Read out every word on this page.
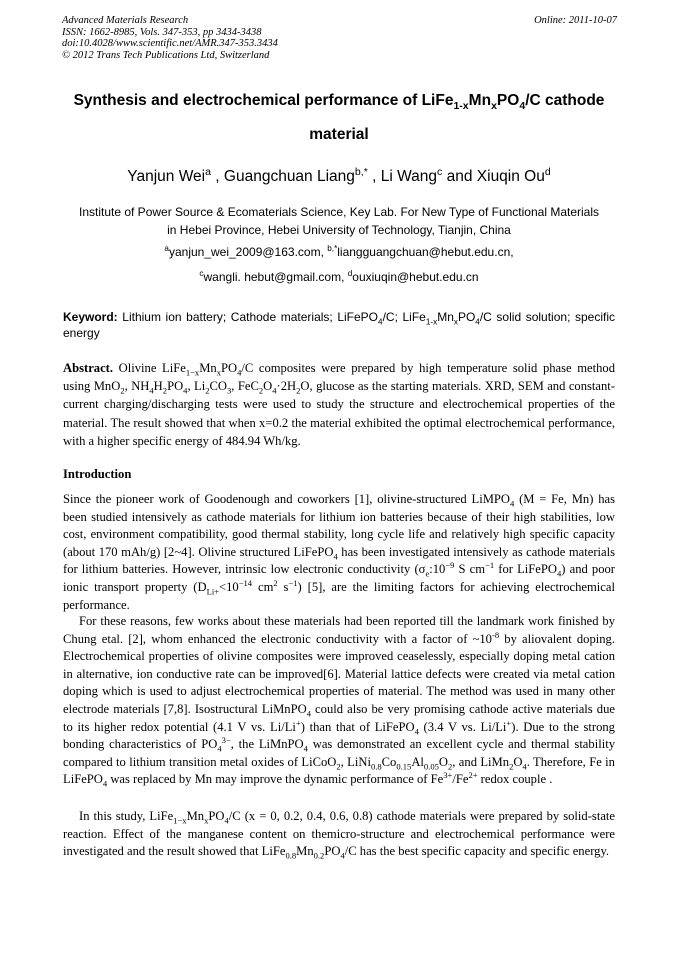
Advanced Materials Research	Online: 2011-10-07
ISSN: 1662-8985, Vols. 347-353, pp 3434-3438
doi:10.4028/www.scientific.net/AMR.347-353.3434
© 2012 Trans Tech Publications Ltd, Switzerland
Synthesis and electrochemical performance of $LiFe_{1-x}Mn_xPO_4/C$ cathode
material
Yanjun Wei$^a$ , Guangchuan Liang$^{b,*}$ , Li Wang$^c$ and Xiuqin Ou$^d$
Institute of Power Source & Ecomaterials Science, Key Lab. For New Type of Functional Materials
in Hebei Province, Hebei University of Technology, Tianjin, China
$^a$yanjun_wei_2009@163.com, $^{b,*}$liangguangchuan@hebut.edu.cn,
$^c$wangli. hebut@gmail.com, $^d$ouxiuqin@hebut.edu.cn
Keyword: Lithium ion battery; Cathode materials; LiFePO$_4$/C; $LiFe_{1-x}Mn_xPO_4/C$ solid solution; specific energy
Abstract. Olivine $LiFe_{1-x}Mn_xPO_4/C$ composites were prepared by high temperature solid phase method using MnO$_2$, $NH_4H_2PO_4$, $Li_2CO_3$, $FeC_2O_4\cdot 2H_2O$, glucose as the starting materials. XRD, SEM and constant-current charging/discharging tests were used to study the structure and electrochemical properties of the material. The result showed that when x=0.2 the material exhibited the optimal electrochemical performance, with a higher specific energy of 484.94 Wh/kg.
Introduction
Since the pioneer work of Goodenough and coworkers [1], olivine-structured LiMPO$_4$ (M = Fe, Mn) has been studied intensively as cathode materials for lithium ion batteries because of their high stabilities, low cost, environment compatibility, good thermal stability, long cycle life and relatively high specific capacity (about 170 mAh/g) [2~4]. Olivine structured LiFePO$_4$ has been investigated intensively as cathode materials for lithium batteries. However, intrinsic low electronic conductivity ($\sigma_e:10^{-9}$ S $cm^{-1}$ for LiFePO$_4$) and poor ionic transport property ($D_{Li+}<10^{-14}$ $cm^2$ $s^{-1}$) [5], are the limiting factors for achieving electrochemical performance.
For these reasons, few works about these materials had been reported till the landmark work finished by Chung etal. [2], whom enhanced the electronic conductivity with a factor of $\sim 10^{-8}$ by aliovalent doping. Electrochemical properties of olivine composites were improved ceaselessly, especially doping metal cation in alternative, ion conductive rate can be improved[6]. Material lattice defects were created via metal cation doping which is used to adjust electrochemical properties of material. The method was used in many other electrode materials [7,8]. Isostructural LiMnPO$_4$ could also be very promising cathode active materials due to its higher redox potential (4.1 V vs. Li/Li+) than that of LiFePO$_4$ (3.4 V vs. Li/Li+). Due to the strong bonding characteristics of $PO_4^{3-}$, the LiMnPO$_4$ was demonstrated an excellent cycle and thermal stability compared to lithium transition metal oxides of LiCoO$_2$, $LiNi_{0.8}Co_{0.15}Al_{0.05}O_2$, and $LiMn_2O_4$. Therefore, Fe in LiFePO$_4$ was replaced by Mn may improve the dynamic performance of $Fe^{3+}/Fe^{2+}$ redox couple .
In this study, $LiFe_{1-x}Mn_xPO_4/C$ (x = 0, 0.2, 0.4, 0.6, 0.8) cathode materials were prepared by solid-state reaction. Effect of the manganese content on themicro-structure and electrochemical performance were investigated and the result showed that $LiFe_{0.8}Mn_{0.2}PO_4/C$ has the best specific capacity and specific energy.
